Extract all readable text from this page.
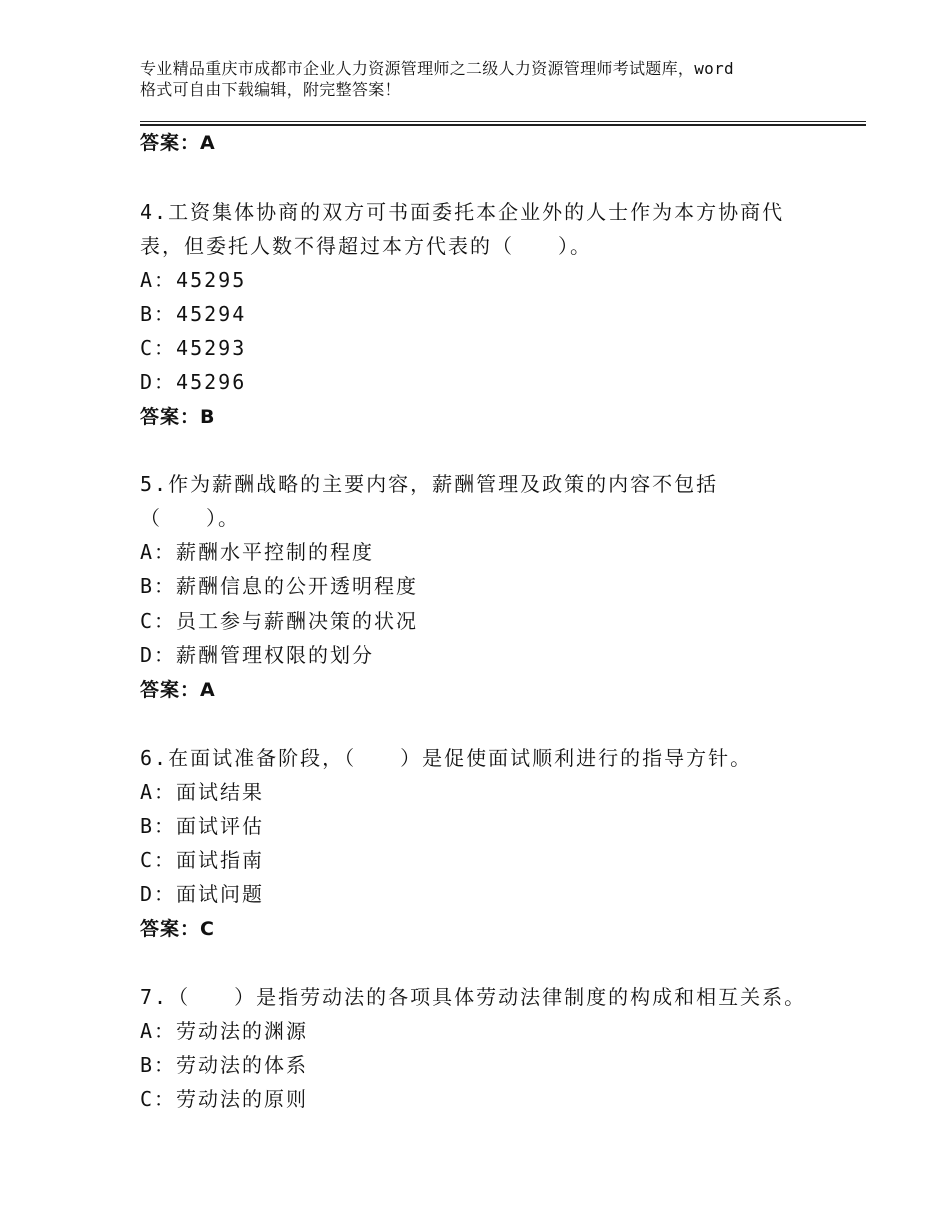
专业精品重庆市成都市企业人力资源管理师之二级人力资源管理师考试题库，word
格式可自由下载编辑，附完整答案！
答案：A
4.工资集体协商的双方可书面委托本企业外的人士作为本方协商代
表，但委托人数不得超过本方代表的（　　）。
A：45295
B：45294
C：45293
D：45296
答案：B
5.作为薪酬战略的主要内容，薪酬管理及政策的内容不包括
（　　）。
A：薪酬水平控制的程度
B：薪酬信息的公开透明程度
C：员工参与薪酬决策的状况
D：薪酬管理权限的划分
答案：A
6.在面试准备阶段，（　　）是促使面试顺利进行的指导方针。
A：面试结果
B：面试评估
C：面试指南
D：面试问题
答案：C
7.（　　）是指劳动法的各项具体劳动法律制度的构成和相互关系。
A：劳动法的渊源
B：劳动法的体系
C：劳动法的原则
